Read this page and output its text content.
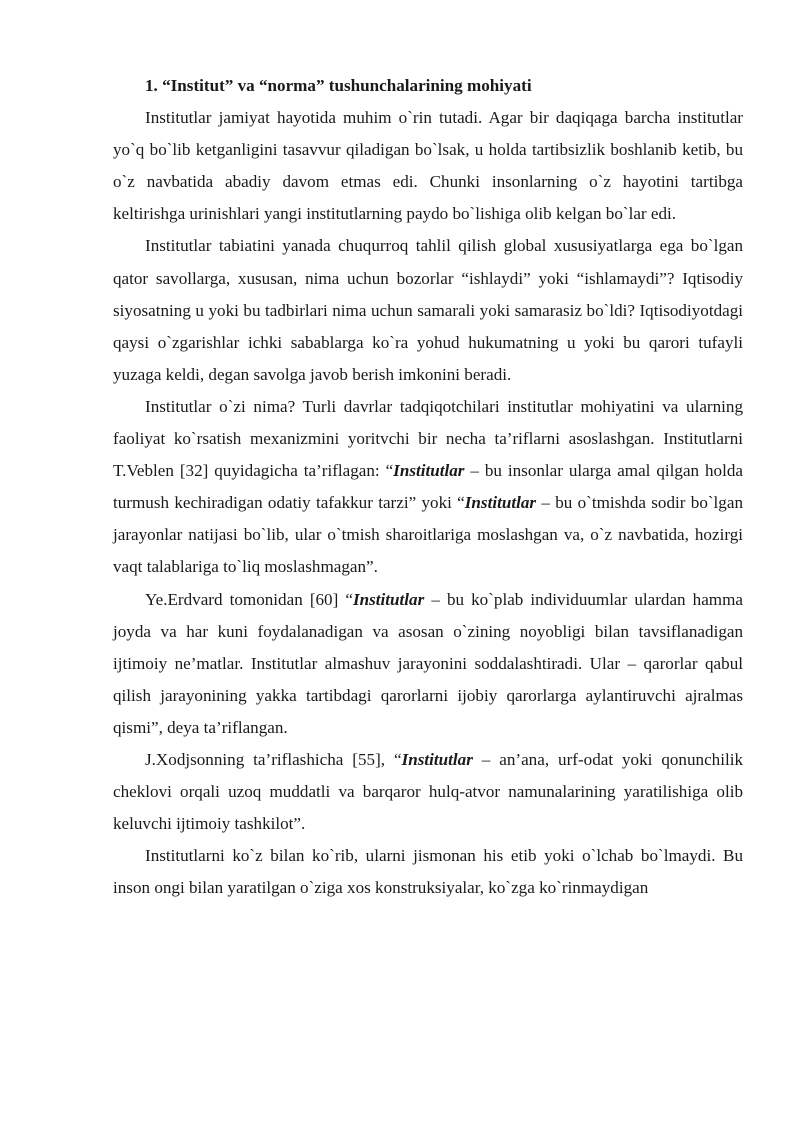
1. “Institut” va “norma” tushunchalarining mohiyati

Institutlar jamiyat hayotida muhim o`rin tutadi. Agar bir daqiqaga barcha institutlar yo`q bo`lib ketganligini tasavvur qiladigan bo`lsak, u holda tartibsizlik boshlanib ketib, bu o`z navbatida abadiy davom etmas edi. Chunki insonlarning o`z hayotini tartibga keltirishga urinishlari yangi institutlarning paydo bo`lishiga olib kelgan bo`lar edi.

Institutlar tabiatini yanada chuqurroq tahlil qilish global xususiyatlarga ega bo`lgan qator savollarga, xususan, nima uchun bozorlar “ishlaydi” yoki “ishlamaydi”? Iqtisodiy siyosatning u yoki bu tadbirlari nima uchun samarali yoki samarasiz bo`ldi? Iqtisodiyotdagi qaysi o`zgarishlar ichki sabablarga ko`ra yohud hukumatning u yoki bu qarori tufayli yuzaga keldi, degan savolga javob berish imkonini beradi.

Institutlar o`zi nima? Turli davrlar tadqiqotchilari institutlar mohiyatini va ularning faoliyat ko`rsatish mexanizmini yoritvchi bir necha ta’riflarni asoslashgan. Institutlarni T.Veblen [32] quyidagicha ta’riflagan: “Institutlar – bu insonlar ularga amal qilgan holda turmush kechiradigan odatiy tafakkur tarzi” yoki “Institutlar – bu o`tmishda sodir bo`lgan jarayonlar natijasi bo`lib, ular o`tmish sharoitlariga moslashgan va, o`z navbatida, hozirgi vaqt talablariga to`liq moslashmagan”.

Ye.Erdvard tomonidan [60] “Institutlar – bu ko`plab individuumlar ulardan hamma joyda va har kuni foydalanadigan va asosan o`zining noyobligi bilan tavsiflanadigan ijtimoiy ne’matlar. Institutlar almashuv jarayonini soddalashtiradi. Ular – qarorlar qabul qilish jarayonining yakka tartibdagi qarorlarni ijobiy qarorlarga aylantiruvchi ajralmas qismi”, deya ta’riflangan.

J.Xodjsonning ta’riflashicha [55], “Institutlar – an’ana, urf-odat yoki qonunchilik cheklovi orqali uzoq muddatli va barqaror hulq-atvor namunalarining yaratilishiga olib keluvchi ijtimoiy tashkilot”.

Institutlarni ko`z bilan ko`rib, ularni jismonan his etib yoki o`lchab bo`lmaydi. Bu inson ongi bilan yaratilgan o`ziga xos konstruksiyalar, ko`zga ko`rinmaydigan
